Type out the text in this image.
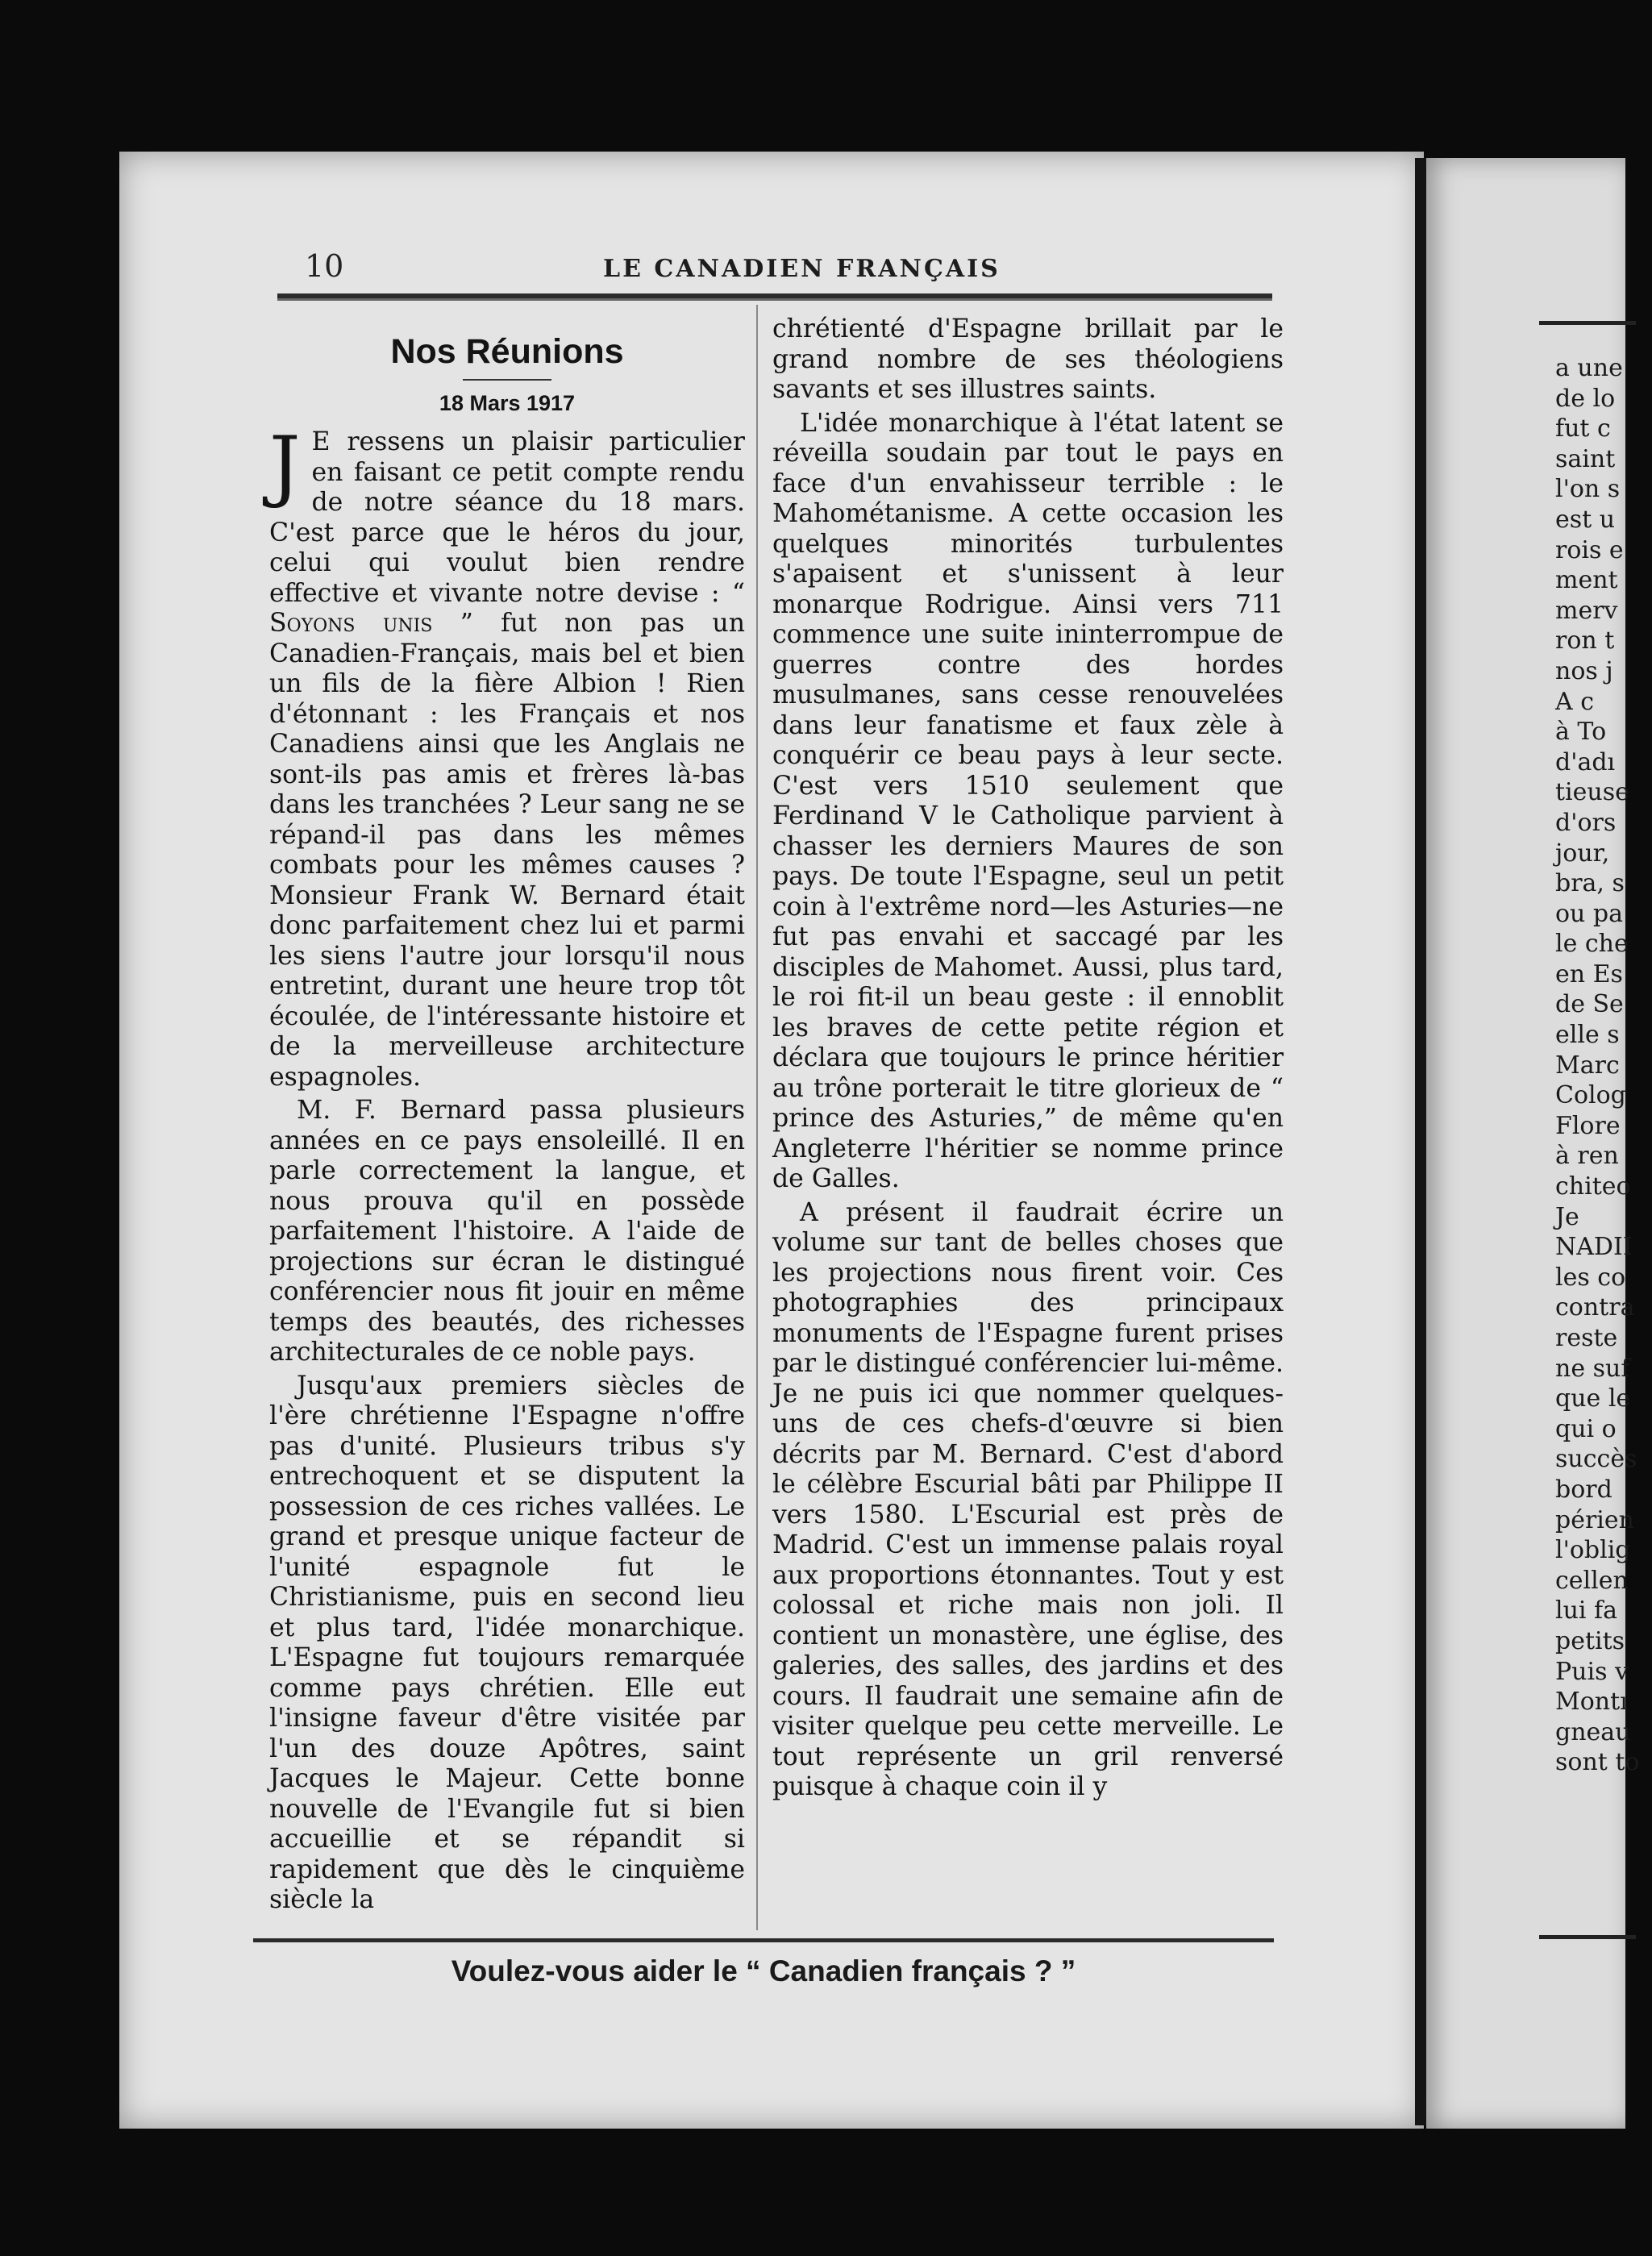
a une
de lo
fut c
saint
l'on s
est u
rois e
ment
merv
ron t
nos j
A c
à To
d'adı
tieuse
d'ors
jour,
bra, s
ou pa
le che
en Es
de Se
elle s
Marc
Colog
Flore
à ren
chiteo
Je
NADII
les co
contra
reste
ne suf
que le
qui o
succès
bord
périen
l'oblig
cellen
lui fa
petits
Puis v
Montı
gneau
sont to
10	LE CANADIEN FRANÇAIS
Nos Réunions
18 Mars 1917

J E ressens un plaisir particulier en faisant ce petit compte rendu de notre séance du 18 mars. C'est parce que le héros du jour, celui qui voulut bien rendre effective et vivante notre devise : “ Soyons unis ” fut non pas un Canadien-Français, mais bel et bien un fils de la fière Albion ! Rien d'étonnant : les Français et nos Canadiens ainsi que les Anglais ne sont-ils pas amis et frères là-bas dans les tranchées ? Leur sang ne se répand-il pas dans les mêmes combats pour les mêmes causes ? Monsieur Frank W. Bernard était donc parfaitement chez lui et parmi les siens l'autre jour lorsqu'il nous entretint, durant une heure trop tôt écoulée, de l'intéressante histoire et de la merveilleuse architecture espagnoles.

M. F. Bernard passa plusieurs années en ce pays ensoleillé. Il en parle correctement la langue, et nous prouva qu'il en possède parfaitement l'histoire. A l'aide de projections sur écran le distingué conférencier nous fit jouir en même temps des beautés, des richesses architecturales de ce noble pays.

Jusqu'aux premiers siècles de l'ère chrétienne l'Espagne n'offre pas d'unité. Plusieurs tribus s'y entrechoquent et se disputent la possession de ces riches vallées. Le grand et presque unique facteur de l'unité espagnole fut le Christianisme, puis en second lieu et plus tard, l'idée monarchique. L'Espagne fut toujours remarquée comme pays chrétien. Elle eut l'insigne faveur d'être visitée par l'un des douze Apôtres, saint Jacques le Majeur. Cette bonne nouvelle de l'Evangile fut si bien accueillie et se répandit si rapidement que dès le cinquième siècle la

chrétienté d'Espagne brillait par le grand nombre de ses théologiens savants et ses illustres saints.

L'idée monarchique à l'état latent se réveilla soudain par tout le pays en face d'un envahisseur terrible : le Mahométanisme. A cette occasion les quelques minorités turbulentes s'apaisent et s'unissent à leur monarque Rodrigue. Ainsi vers 711 commence une suite ininterrompue de guerres contre des hordes musulmanes, sans cesse renouvelées dans leur fanatisme et faux zèle à conquérir ce beau pays à leur secte. C'est vers 1510 seulement que Ferdinand V le Catholique parvient à chasser les derniers Maures de son pays. De toute l'Espagne, seul un petit coin à l'extrême nord—les Asturies—ne fut pas envahi et saccagé par les disciples de Mahomet. Aussi, plus tard, le roi fit-il un beau geste : il ennoblit les braves de cette petite région et déclara que toujours le prince héritier au trône porterait le titre glorieux de “ prince des Asturies,” de même qu'en Angleterre l'héritier se nomme prince de Galles.

A présent il faudrait écrire un volume sur tant de belles choses que les projections nous firent voir. Ces photographies des principaux monuments de l'Espagne furent prises par le distingué conférencier lui-même. Je ne puis ici que nommer quelques-uns de ces chefs-d'œuvre si bien décrits par M. Bernard. C'est d'abord le célèbre Escurial bâti par Philippe II vers 1580. L'Escurial est près de Madrid. C'est un immense palais royal aux proportions étonnantes. Tout y est colossal et riche mais non joli. Il contient un monastère, une église, des galeries, des salles, des jardins et des cours. Il faudrait une semaine afin de visiter quelque peu cette merveille. Le tout représente un gril renversé puisque à chaque coin il y

Voulez-vous aider le “ Canadien français ? ”
